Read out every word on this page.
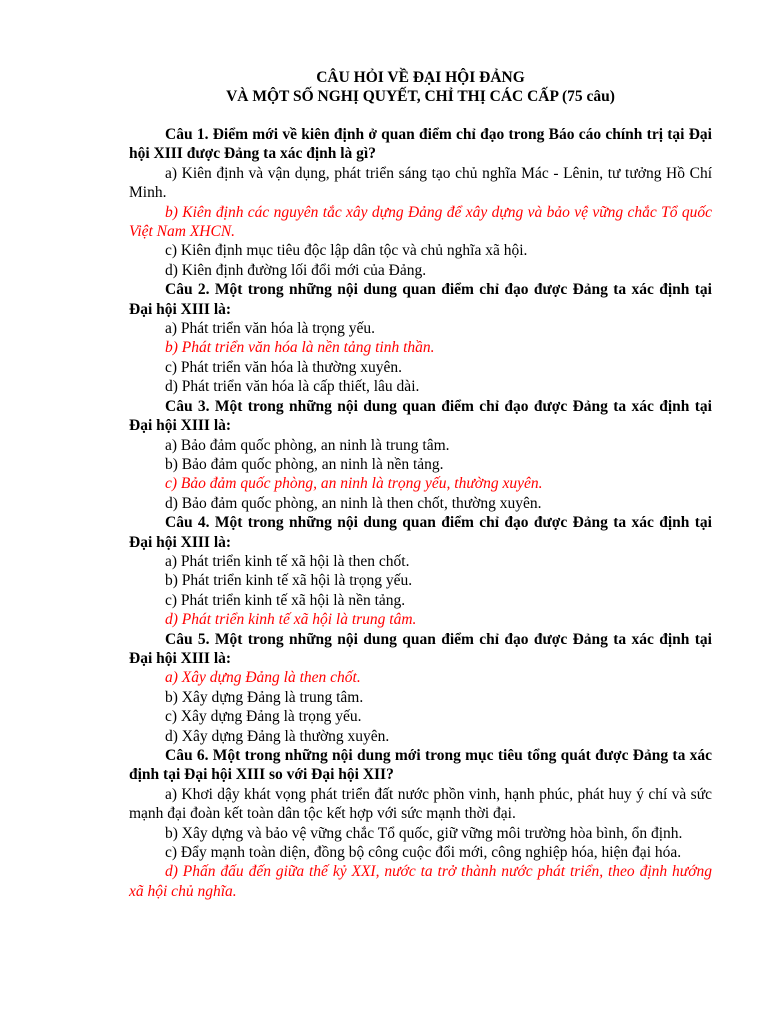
CÂU HỎI VỀ ĐẠI HỘI ĐẢNG
VÀ MỘT SỐ NGHỊ QUYẾT, CHỈ THỊ CÁC CẤP (75 câu)

Câu 1. Điểm mới về kiên định ở quan điểm chỉ đạo trong Báo cáo chính trị tại Đại hội XIII được Đảng ta xác định là gì?

a) Kiên định và vận dụng, phát triển sáng tạo chủ nghĩa Mác - Lênin, tư tưởng Hồ Chí Minh.

b) Kiên định các nguyên tắc xây dựng Đảng để xây dựng và bảo vệ vững chắc Tổ quốc Việt Nam XHCN.

c) Kiên định mục tiêu độc lập dân tộc và chủ nghĩa xã hội.

d) Kiên định đường lối đổi mới của Đảng.

Câu 2. Một trong những nội dung quan điểm chỉ đạo được Đảng ta xác định tại Đại hội XIII là:

a) Phát triển văn hóa là trọng yếu.

b) Phát triển văn hóa là nền tảng tinh thần.

c) Phát triển văn hóa là thường xuyên.

d) Phát triển văn hóa là cấp thiết, lâu dài.

Câu 3. Một trong những nội dung quan điểm chỉ đạo được Đảng ta xác định tại Đại hội XIII là:

a) Bảo đảm quốc phòng, an ninh là trung tâm.

b) Bảo đảm quốc phòng, an ninh là nền tảng.

c) Bảo đảm quốc phòng, an ninh là trọng yếu, thường xuyên.

d) Bảo đảm quốc phòng, an ninh là then chốt, thường xuyên.

Câu 4. Một trong những nội dung quan điểm chỉ đạo được Đảng ta xác định tại Đại hội XIII là:

a) Phát triển kinh tế xã hội là then chốt.

b) Phát triển kinh tế xã hội là trọng yếu.

c) Phát triển kinh tế xã hội là nền tảng.

d) Phát triển kinh tế xã hội là trung tâm.

Câu 5. Một trong những nội dung quan điểm chỉ đạo được Đảng ta xác định tại Đại hội XIII là:

a) Xây dựng Đảng là then chốt.

b) Xây dựng Đảng là trung tâm.

c) Xây dựng Đảng là trọng yếu.

d) Xây dựng Đảng là thường xuyên.

Câu 6. Một trong những nội dung mới trong mục tiêu tổng quát được Đảng ta xác định tại Đại hội XIII so với Đại hội XII?

a) Khơi dậy khát vọng phát triển đất nước phồn vinh, hạnh phúc, phát huy ý chí và sức mạnh đại đoàn kết toàn dân tộc kết hợp với sức mạnh thời đại.

b) Xây dựng và bảo vệ vững chắc Tổ quốc, giữ vững môi trường hòa bình, ổn định.

c) Đẩy mạnh toàn diện, đồng bộ công cuộc đổi mới, công nghiệp hóa, hiện đại hóa.

d) Phấn đấu đến giữa thế kỷ XXI, nước ta trở thành nước phát triển, theo định hướng xã hội chủ nghĩa.
